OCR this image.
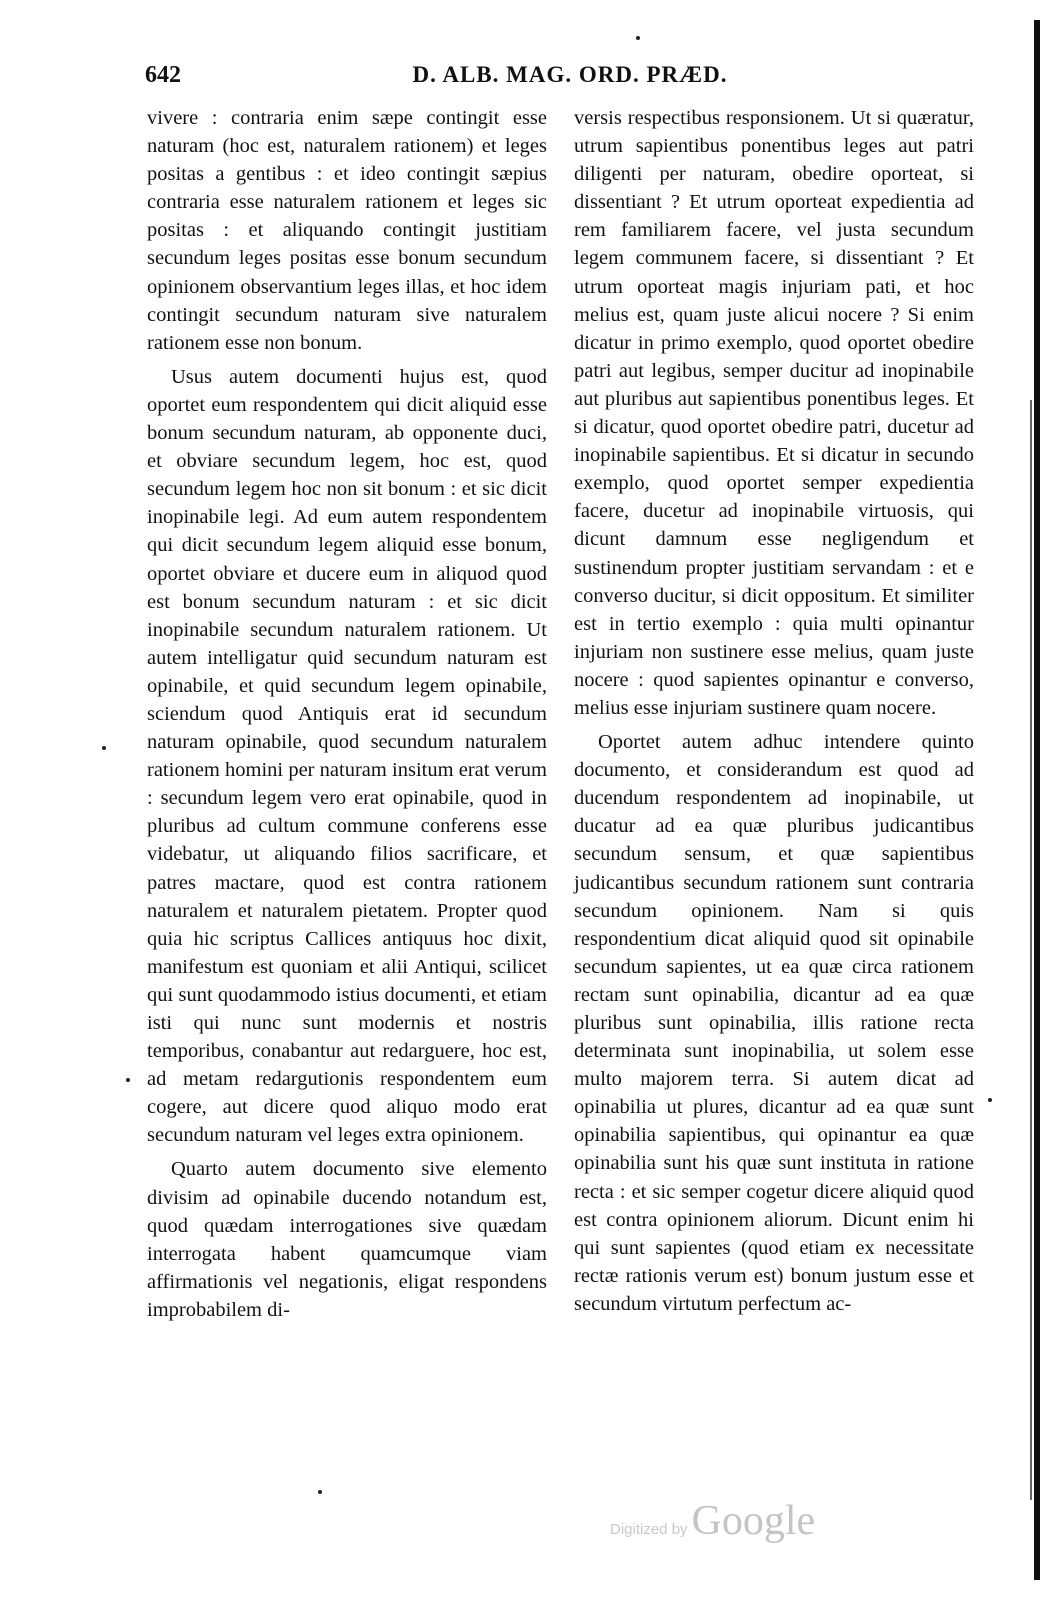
642	D. ALB. MAG. ORD. PRÆD.

vivere : contraria enim sæpe contingit esse naturam (hoc est, naturalem rationem) et leges positas a gentibus : et ideo contingit sæpius contraria esse naturalem rationem et leges sic positas : et aliquando contingit justitiam secundum leges positas esse bonum secundum opinionem observantium leges illas, et hoc idem contingit secundum naturam sive naturalem rationem esse non bonum.

Usus autem documenti hujus est, quod oportet eum respondentem qui dicit aliquid esse bonum secundum naturam, ab opponente duci, et obviare secundum legem, hoc est, quod secundum legem hoc non sit bonum : et sic dicit inopinabile legi. Ad eum autem respondentem qui dicit secundum legem aliquid esse bonum, oportet obviare et ducere eum in aliquod quod est bonum secundum naturam : et sic dicit inopinabile secundum naturalem rationem. Ut autem intelligatur quid secundum naturam est opinabile, et quid secundum legem opinabile, sciendum quod Antiquis erat id secundum naturam opinabile, quod secundum naturalem rationem homini per naturam insitum erat verum : secundum legem vero erat opinabile, quod in pluribus ad cultum commune conferens esse videbatur, ut aliquando filios sacrificare, et patres mactare, quod est contra rationem naturalem et naturalem pietatem. Propter quod quia hic scriptus Callices antiquus hoc dixit, manifestum est quoniam et alii Antiqui, scilicet qui sunt quodammodo istius documenti, et etiam isti qui nunc sunt modernis et nostris temporibus, conabantur aut redarguere, hoc est, ad metam redargutionis respondentem eum cogere, aut dicere quod aliquo modo erat secundum naturam vel leges extra opinionem.

Quarto autem documento sive elemento divisim ad opinabile ducendo notandum est, quod quædam interrogationes sive quædam interrogata habent quamcumque viam affirmationis vel negationis, eligat respondens improbabilem di-

versis respectibus responsionem. Ut si quæratur, utrum sapientibus ponentibus leges aut patri diligenti per naturam, obedire oporteat, si dissentiant ? Et utrum oporteat expedientia ad rem familiarem facere, vel justa secundum legem communem facere, si dissentiant ? Et utrum oporteat magis injuriam pati, et hoc melius est, quam juste alicui nocere ? Si enim dicatur in primo exemplo, quod oportet obedire patri aut legibus, semper ducitur ad inopinabile aut pluribus aut sapientibus ponentibus leges. Et si dicatur, quod oportet obedire patri, ducetur ad inopinabile sapientibus. Et si dicatur in secundo exemplo, quod oportet semper expedientia facere, ducetur ad inopinabile virtuosis, qui dicunt damnum esse negligendum et sustinendum propter justitiam servandam : et e converso ducitur, si dicit oppositum. Et similiter est in tertio exemplo : quia multi opinantur injuriam non sustinere esse melius, quam juste nocere : quod sapientes opinantur e converso, melius esse injuriam sustinere quam nocere.

Oportet autem adhuc intendere quinto documento, et considerandum est quod ad ducendum respondentem ad inopinabile, ut ducatur ad ea quæ pluribus judicantibus secundum sensum, et quæ sapientibus judicantibus secundum rationem sunt contraria secundum opinionem. Nam si quis respondentium dicat aliquid quod sit opinabile secundum sapientes, ut ea quæ circa rationem rectam sunt opinabilia, dicantur ad ea quæ pluribus sunt opinabilia, illis ratione recta determinata sunt inopinabilia, ut solem esse multo majorem terra. Si autem dicat ad opinabilia ut plures, dicantur ad ea quæ sunt opinabilia sapientibus, qui opinantur ea quæ opinabilia sunt his quæ sunt instituta in ratione recta : et sic semper cogetur dicere aliquid quod est contra opinionem aliorum. Dicunt enim hi qui sunt sapientes (quod etiam ex necessitate rectæ rationis verum est) bonum justum esse et secundum virtutum perfectum ac-

Digitized by Google
